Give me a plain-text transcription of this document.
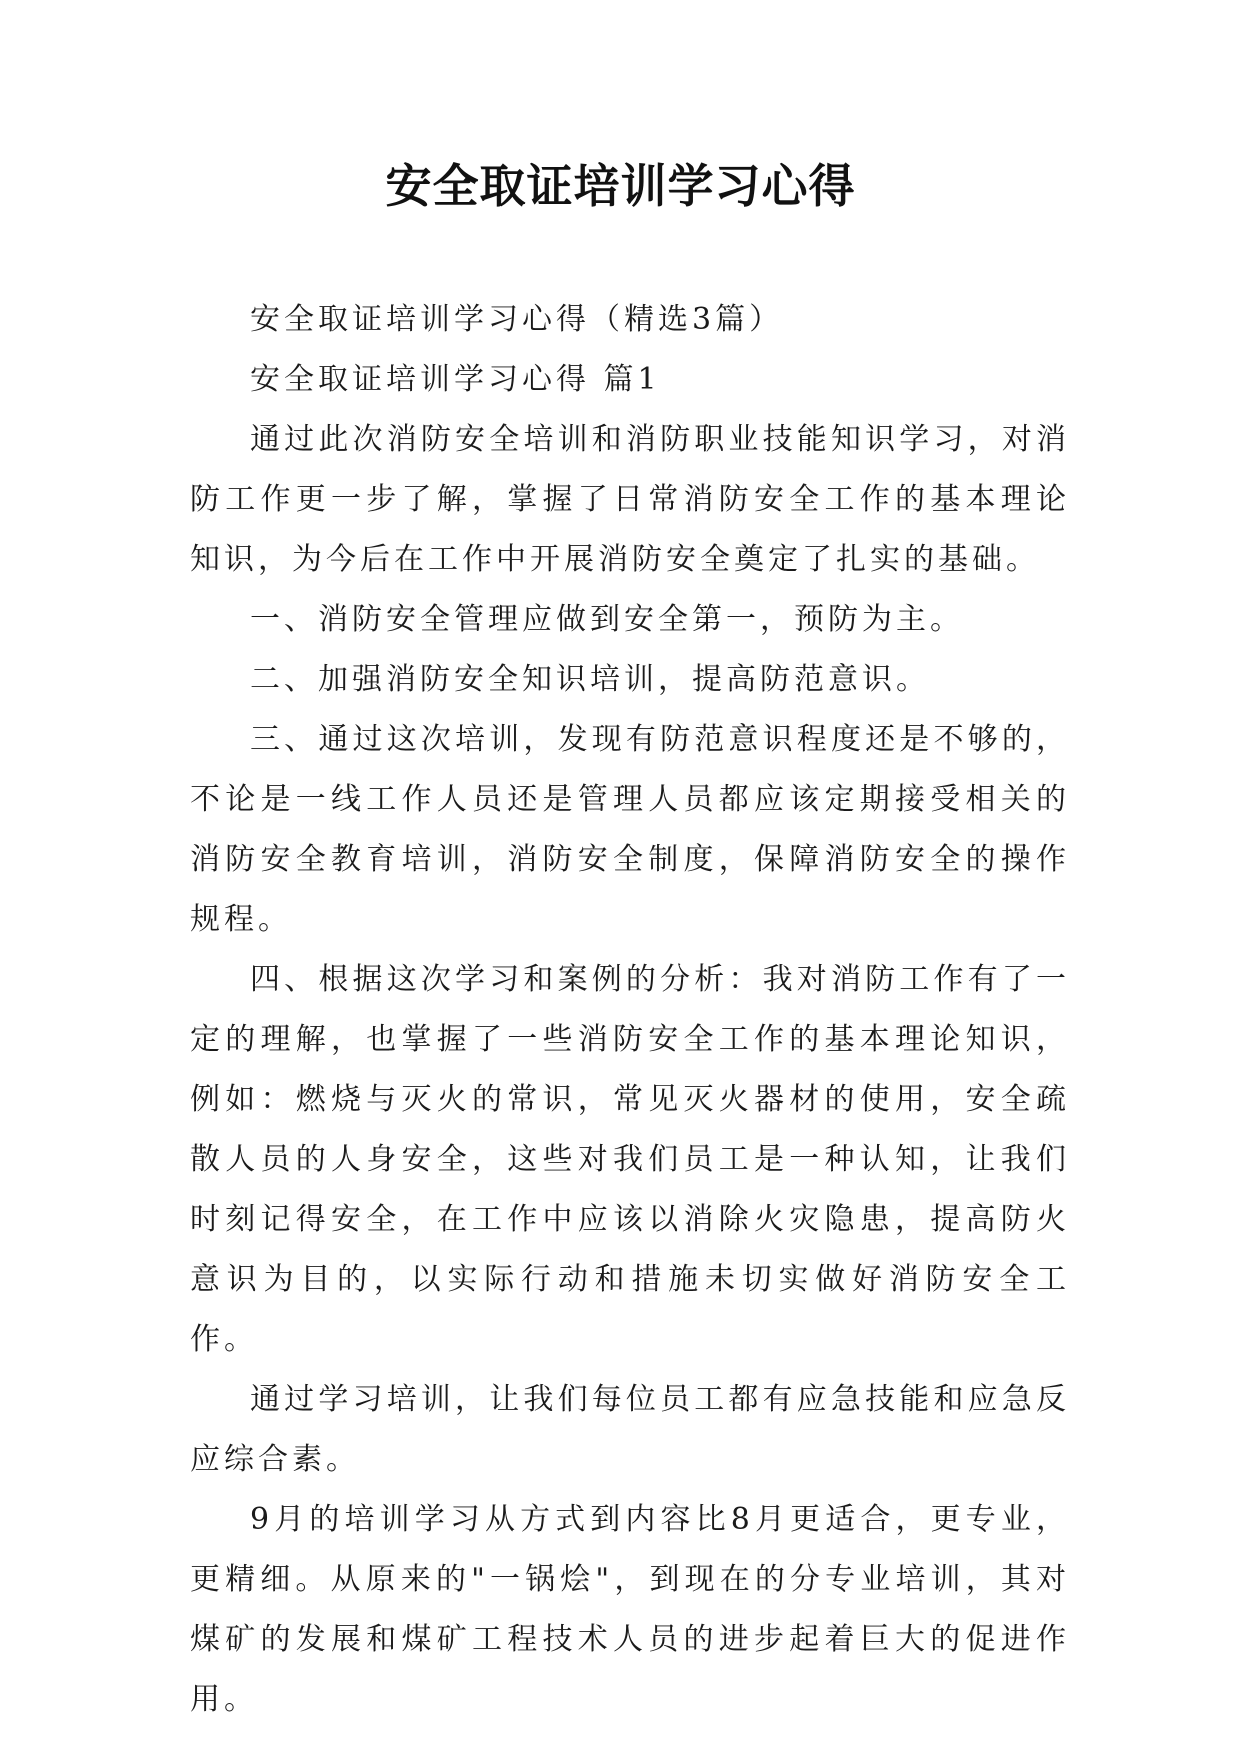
安全取证培训学习心得

安全取证培训学习心得（精选3篇）

安全取证培训学习心得 篇1

通过此次消防安全培训和消防职业技能知识学习，对消防工作更一步了解，掌握了日常消防安全工作的基本理论知识，为今后在工作中开展消防安全奠定了扎实的基础。

一、消防安全管理应做到安全第一，预防为主。

二、加强消防安全知识培训，提高防范意识。

三、通过这次培训，发现有防范意识程度还是不够的，不论是一线工作人员还是管理人员都应该定期接受相关的消防安全教育培训，消防安全制度，保障消防安全的操作规程。

四、根据这次学习和案例的分析：我对消防工作有了一定的理解，也掌握了一些消防安全工作的基本理论知识，例如：燃烧与灭火的常识，常见灭火器材的使用，安全疏散人员的人身安全，这些对我们员工是一种认知，让我们时刻记得安全，在工作中应该以消除火灾隐患，提高防火意识为目的，以实际行动和措施未切实做好消防安全工作。

通过学习培训，让我们每位员工都有应急技能和应急反应综合素。

9月的培训学习从方式到内容比8月更适合，更专业，更精细。从原来的"一锅烩"，到现在的分专业培训，其对煤矿的发展和煤矿工程技术人员的进步起着巨大的促进作用。
